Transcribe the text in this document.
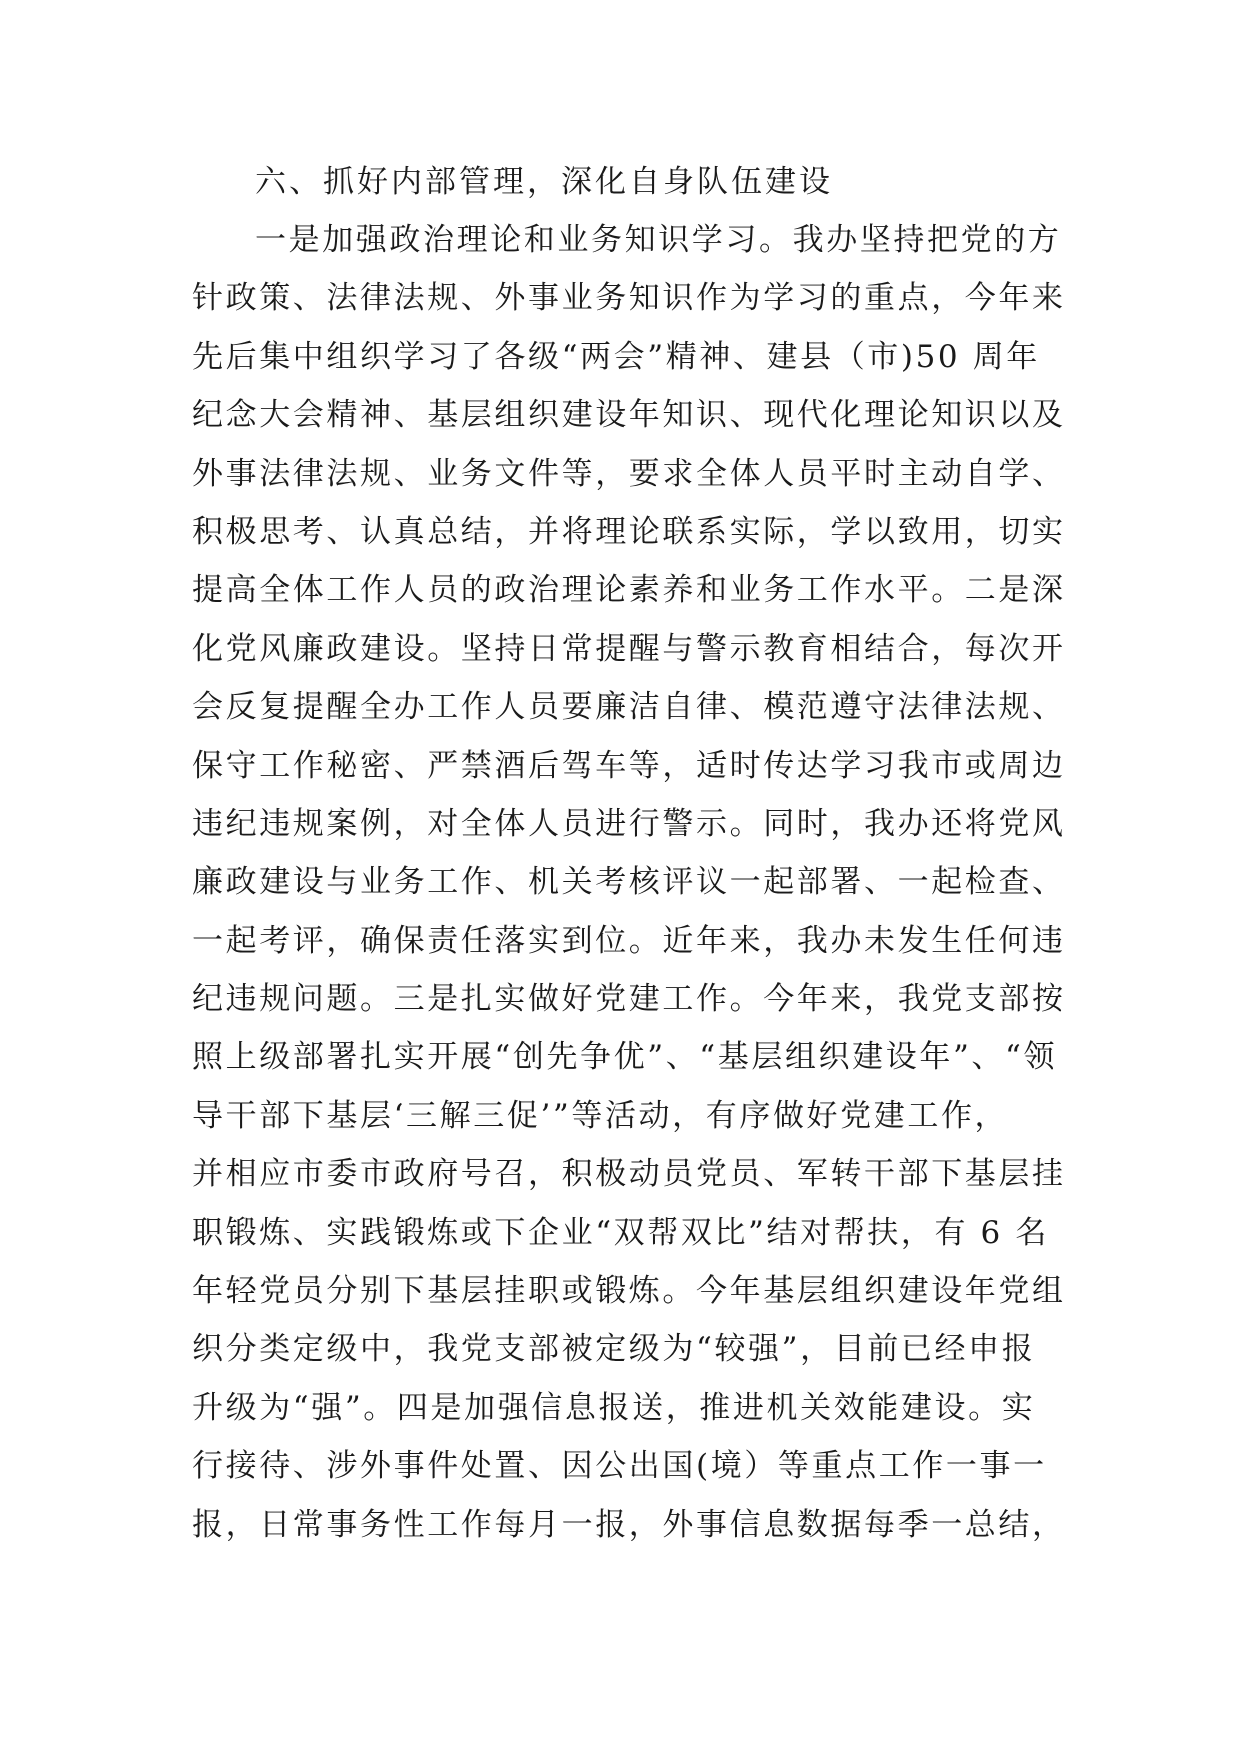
六、抓好内部管理，深化自身队伍建设
一是加强政治理论和业务知识学习。我办坚持把党的方
针政策、法律法规、外事业务知识作为学习的重点，今年来
先后集中组织学习了各级“两会”精神、建县（市)50 周年
纪念大会精神、基层组织建设年知识、现代化理论知识以及
外事法律法规、业务文件等，要求全体人员平时主动自学、
积极思考、认真总结，并将理论联系实际，学以致用，切实
提高全体工作人员的政治理论素养和业务工作水平。二是深
化党风廉政建设。坚持日常提醒与警示教育相结合，每次开
会反复提醒全办工作人员要廉洁自律、模范遵守法律法规、
保守工作秘密、严禁酒后驾车等，适时传达学习我市或周边
违纪违规案例，对全体人员进行警示。同时，我办还将党风
廉政建设与业务工作、机关考核评议一起部署、一起检查、
一起考评，确保责任落实到位。近年来，我办未发生任何违
纪违规问题。三是扎实做好党建工作。今年来，我党支部按
照上级部署扎实开展“创先争优”、“基层组织建设年”、“领
导干部下基层‘三解三促’”等活动，有序做好党建工作，
并相应市委市政府号召，积极动员党员、军转干部下基层挂
职锻炼、实践锻炼或下企业“双帮双比”结对帮扶，有 6 名
年轻党员分别下基层挂职或锻炼。今年基层组织建设年党组
织分类定级中，我党支部被定级为“较强”，目前已经申报
升级为“强”。四是加强信息报送，推进机关效能建设。实
行接待、涉外事件处置、因公出国(境）等重点工作一事一
报，日常事务性工作每月一报，外事信息数据每季一总结，
